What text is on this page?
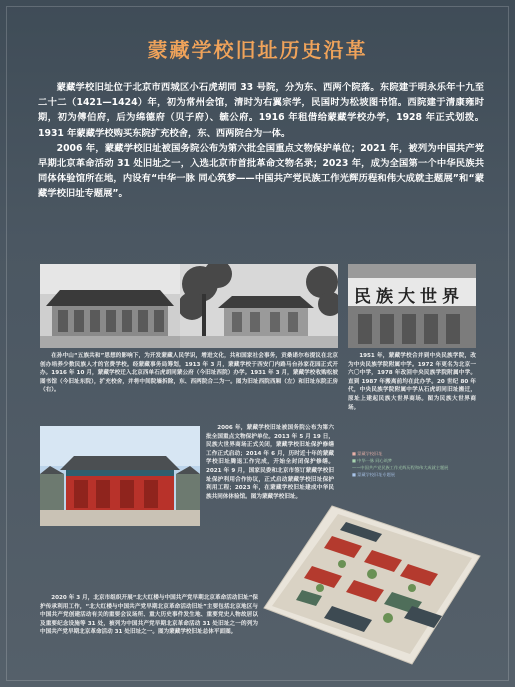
蒙藏学校旧址历史沿革

蒙藏学校旧址位于北京市西城区小石虎胡同 33 号院，分为东、西两个院落。东院建于明永乐年十九至二十二（1421—1424）年，初为常州会馆，清时为右翼宗学，民国时为松坡图书馆。西院建于清康雍时期，初为傅伯府，后为绵德府（贝子府）、毓公府。1916 年租借给蒙藏学校办学，1928 年正式划拨。1931 年蒙藏学校购买东院扩充校舍，东、西两院合为一体。

2006 年，蒙藏学校旧址被国务院公布为第六批全国重点文物保护单位；2021 年，被列为中国共产党早期北京革命活动 31 处旧址之一，入选北京市首批革命文物名录；2023 年，成为全国第一个中华民族共同体体验馆所在地，内设有“中华一脉 同心筑梦——中国共产党民族工作光辉历程和伟大成就主题展”和“蒙藏学校旧址专题展”。

民族大世界

在孙中山“五族共和”思想的影响下，为开发蒙藏人民学识，增进文化，共和国家社会事务，贡桑诺尔布提议在北京创办培养少数民族人才的官费学校。经蒙藏事务局筹划，1913 年 3 月，蒙藏学校于西安门内路马台孙家花园正式开办。1916 年 10 月，蒙藏学校迁入北京西单石虎胡同蒙公府（今旧址西院）办学。1931 年 3 月，蒙藏学校收购松坡图书馆（今旧址东院），扩充校舍，并将中间院墙拆除，东、西两院合二为一。图为旧址西院西厢（左）和旧址东院正房（右）。

1951 年，蒙藏学校合并到中央民族学院，改为中央民族学院附属中学。1972 年更名为北京一六〇中学，1978 年改回中央民族学院附属中学。直到 1987 年搬离前均在此办学。20 世纪 80 年代，中央民族学院附属中学从石虎胡同旧址搬迁，原址上建起民族大世界商场。图为民族大世界商场。

2006 年，蒙藏学校旧址被国务院公布为第六批全国重点文物保护单位。2013 年 5 月 19 日，民族大世界商场正式关闭，蒙藏学校旧址保护修缮工作正式启动；2014 年 6 月，历时近十年的蒙藏学校旧址腾退工作完成，开始全封闭保护修缮。2021 年 9 月，国家民委和北京市签订蒙藏学校旧址保护利用合作协议，正式启动蒙藏学校旧址保护利用工程；2023 年，在蒙藏学校旧址建成中华民族共同体体验馆。图为蒙藏学校旧址。

■ 蒙藏学校旧址
■ 中华一脉 同心筑梦
——中国共产党民族工作光辉历程和伟大成就主题展
■ 蒙藏学校旧址专题展

2020 年 3 月，北京市组织开展“北大红楼与中国共产党早期北京革命活动旧址”保护传承利用工作，“北大红楼与中国共产党早期北京革命活动旧址”主要包括北京地区与中国共产党创建活动有关的重要会议场所、重大历史事件发生地、重要党史人物故居以及重要纪念设施等 31 处，被列为中国共产党早期北京革命活动 31 处旧址之一的列为中国共产党早期北京革命活动 31 处旧址之一。图为蒙藏学校旧址总体平面图。
